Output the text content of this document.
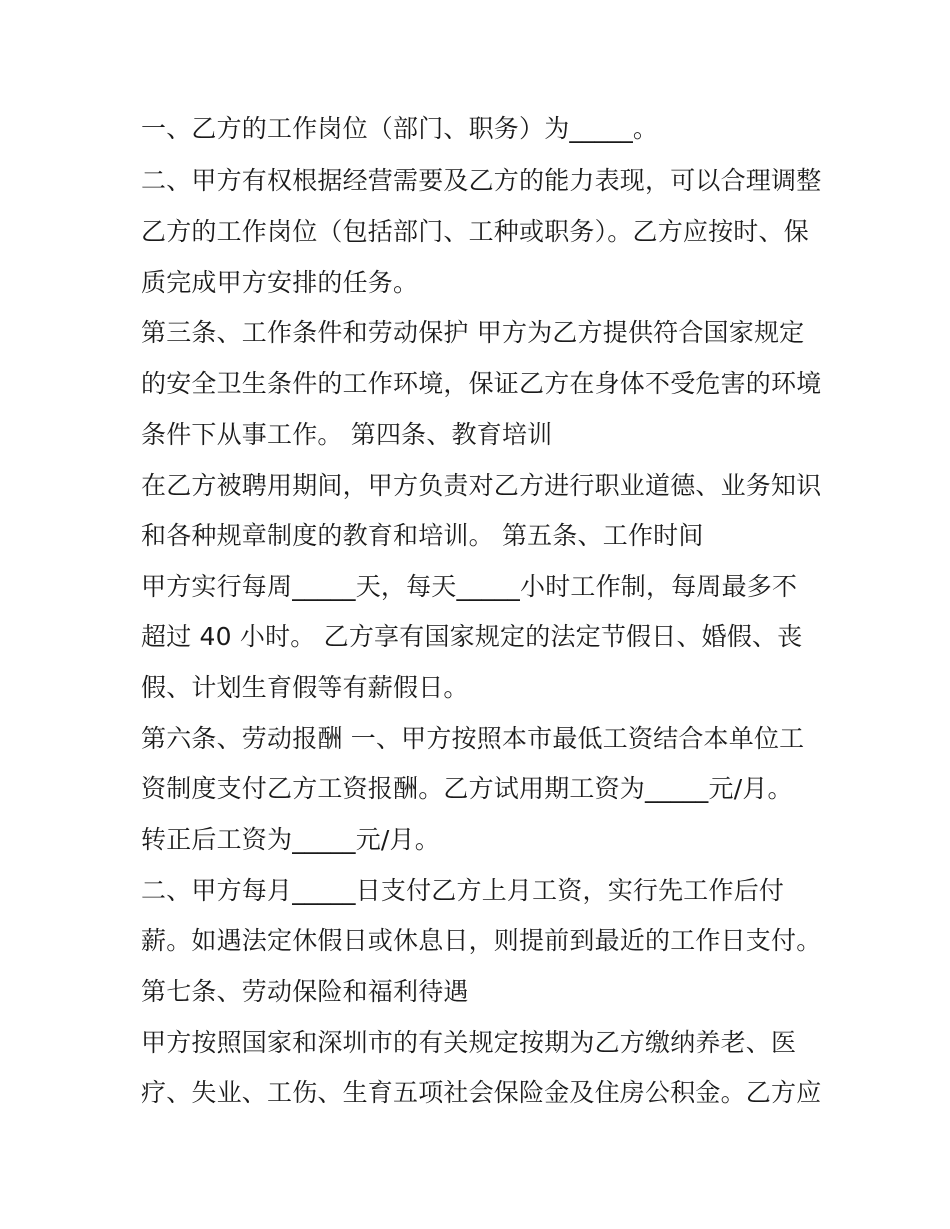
一、乙方的工作岗位（部门、职务）为_____。
二、甲方有权根据经营需要及乙方的能力表现，可以合理调整
乙方的工作岗位（包括部门、工种或职务）。乙方应按时、保
质完成甲方安排的任务。
第三条、工作条件和劳动保护 甲方为乙方提供符合国家规定
的安全卫生条件的工作环境，保证乙方在身体不受危害的环境
条件下从事工作。 第四条、教育培训
在乙方被聘用期间，甲方负责对乙方进行职业道德、业务知识
和各种规章制度的教育和培训。 第五条、工作时间
甲方实行每周_____天，每天_____小时工作制，每周最多不
超过 40 小时。 乙方享有国家规定的法定节假日、婚假、丧
假、计划生育假等有薪假日。
第六条、劳动报酬 一、甲方按照本市最低工资结合本单位工
资制度支付乙方工资报酬。乙方试用期工资为_____元/月。
转正后工资为_____元/月。
二、甲方每月_____日支付乙方上月工资，实行先工作后付
薪。如遇法定休假日或休息日，则提前到最近的工作日支付。
第七条、劳动保险和福利待遇
甲方按照国家和深圳市的有关规定按期为乙方缴纳养老、医
疗、失业、工伤、生育五项社会保险金及住房公积金。乙方应
